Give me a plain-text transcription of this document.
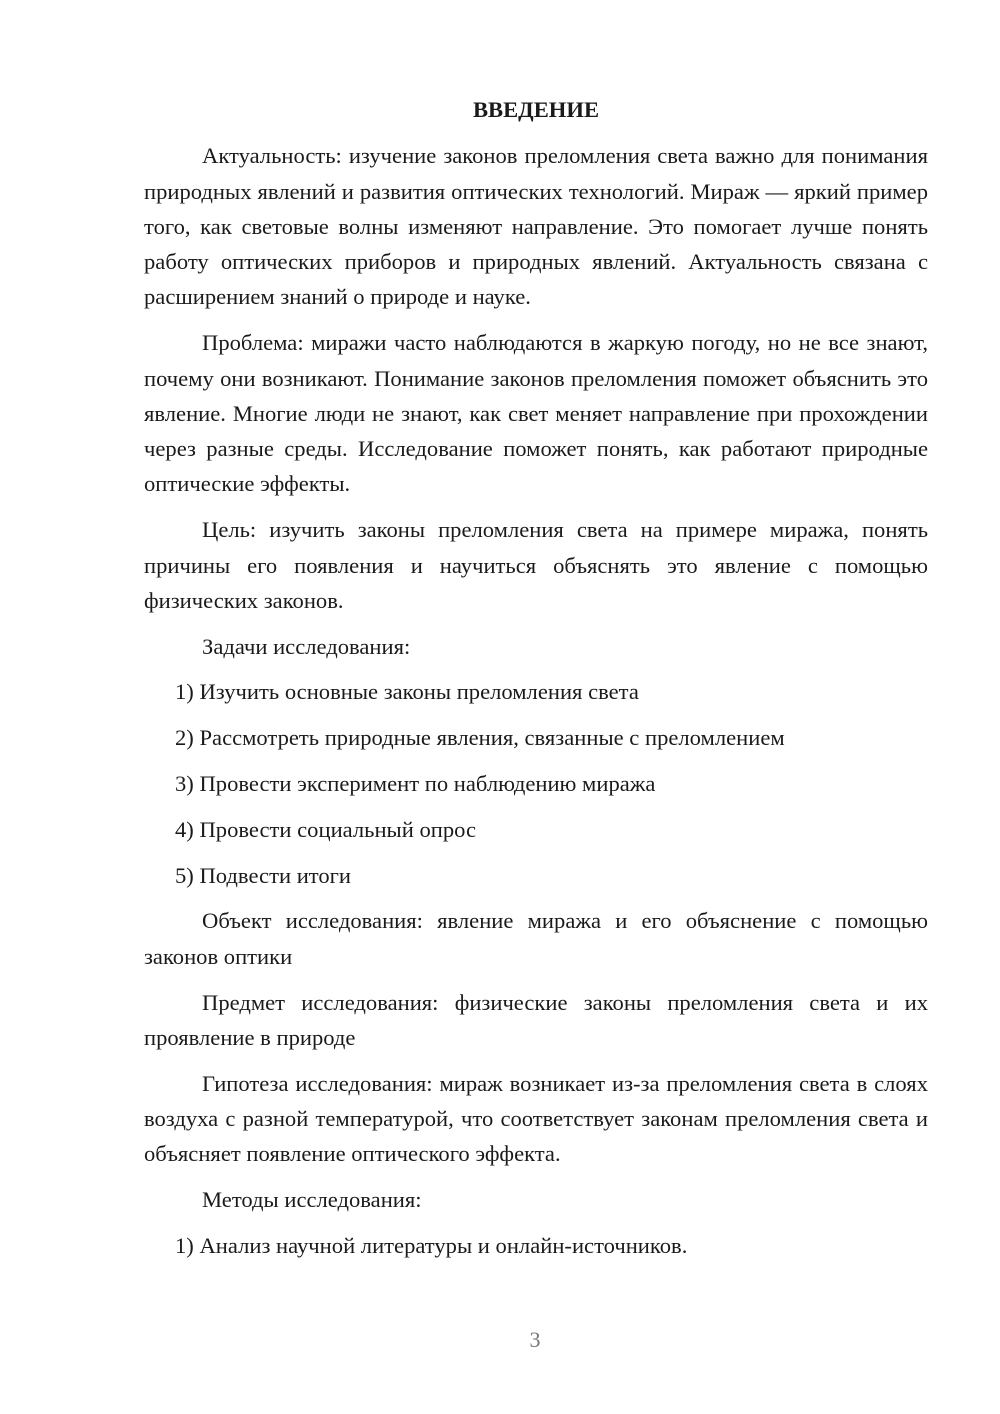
ВВЕДЕНИЕ

Актуальность: изучение законов преломления света важно для понимания природных явлений и развития оптических технологий. Мираж — яркий пример того, как световые волны изменяют направление. Это помогает лучше понять работу оптических приборов и природных явлений. Актуальность связана с расширением знаний о природе и науке.

Проблема: миражи часто наблюдаются в жаркую погоду, но не все знают, почему они возникают. Понимание законов преломления поможет объяснить это явление. Многие люди не знают, как свет меняет направление при прохождении через разные среды. Исследование поможет понять, как работают природные оптические эффекты.

Цель: изучить законы преломления света на примере миража, понять причины его появления и научиться объяснять это явление с помощью физических законов.

Задачи исследования:
1) Изучить основные законы преломления света
2) Рассмотреть природные явления, связанные с преломлением
3) Провести эксперимент по наблюдению миража
4) Провести социальный опрос
5) Подвести итоги

Объект исследования: явление миража и его объяснение с помощью законов оптики

Предмет исследования: физические законы преломления света и их проявление в природе

Гипотеза исследования: мираж возникает из-за преломления света в слоях воздуха с разной температурой, что соответствует законам преломления света и объясняет появление оптического эффекта.

Методы исследования:
1) Анализ научной литературы и онлайн-источников.
3
